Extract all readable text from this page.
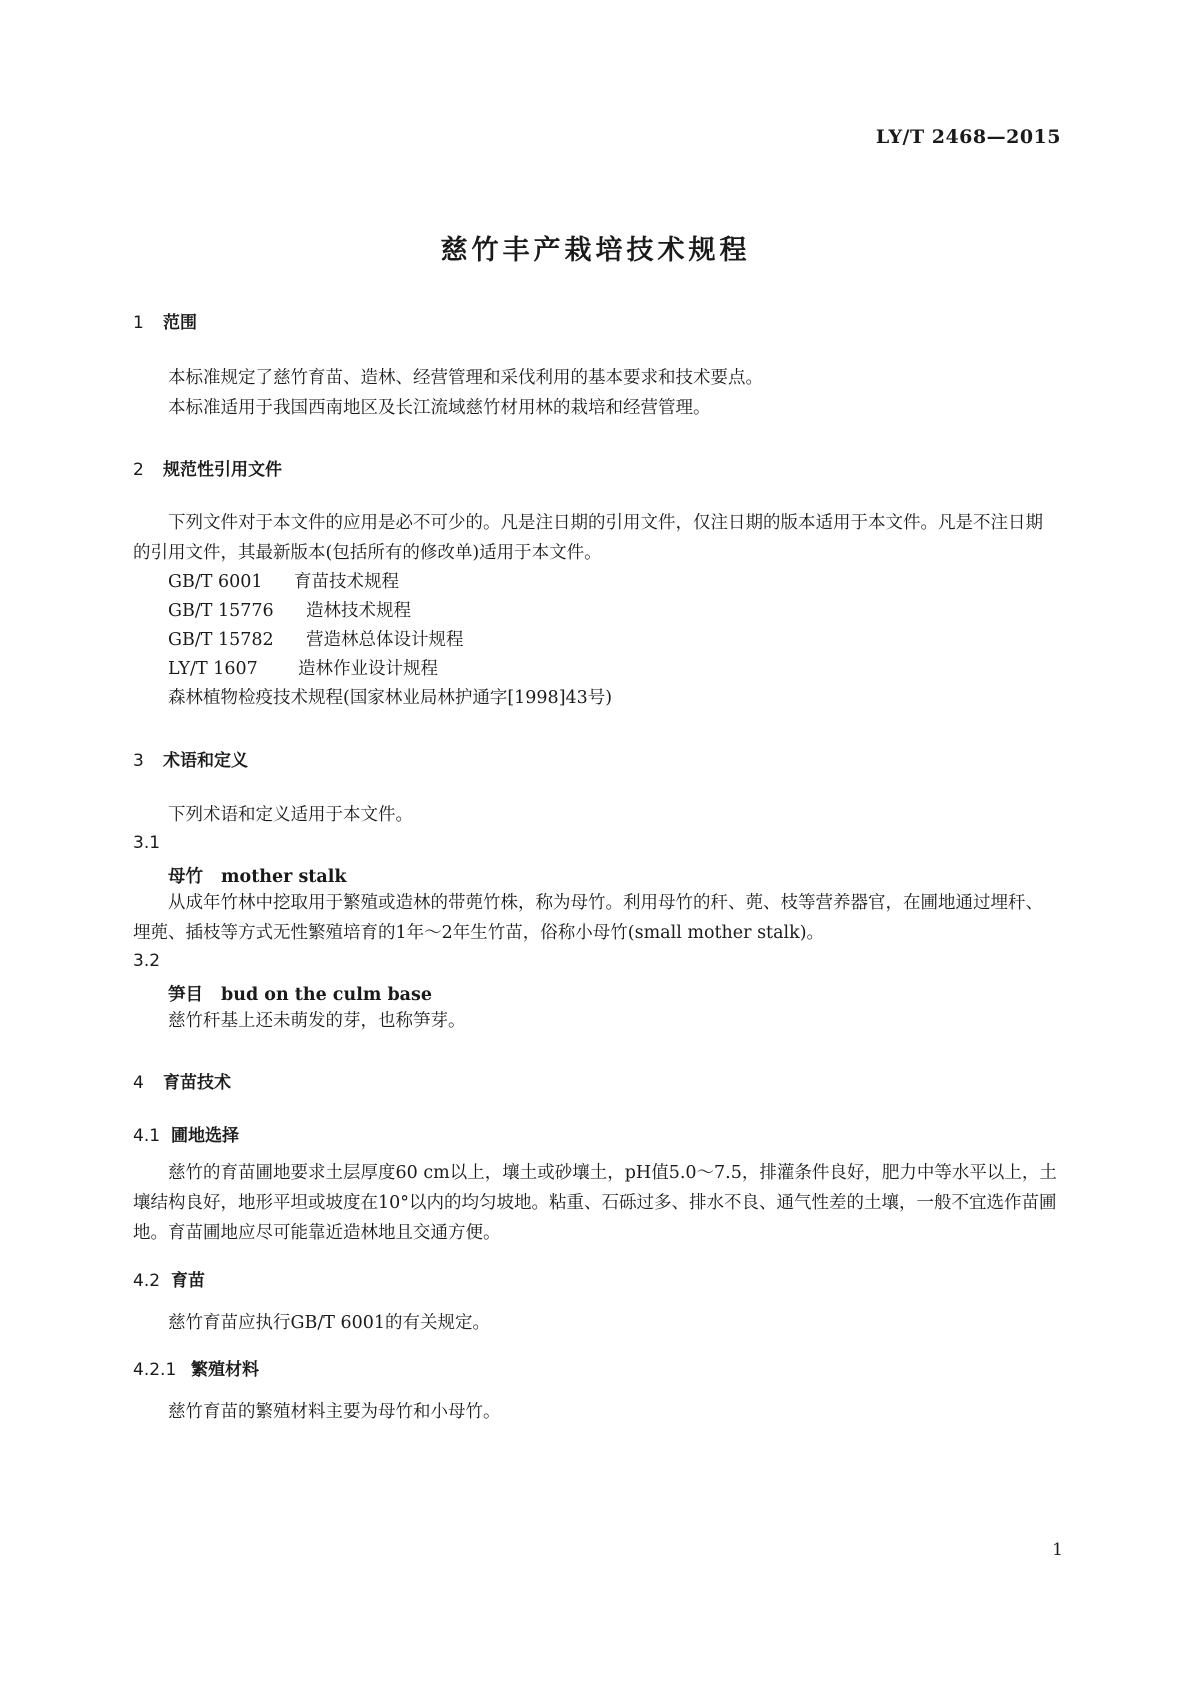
LY/T 2468—2015
慈竹丰产栽培技术规程
1 范围
本标准规定了慈竹育苗、造林、经营管理和采伐利用的基本要求和技术要点。
本标准适用于我国西南地区及长江流域慈竹材用林的栽培和经营管理。
2 规范性引用文件
下列文件对于本文件的应用是必不可少的。凡是注日期的引用文件，仅注日期的版本适用于本文件。凡是不注日期的引用文件，其最新版本(包括所有的修改单)适用于本文件。
GB/T 6001 育苗技术规程
GB/T 15776 造林技术规程
GB/T 15782 营造林总体设计规程
LY/T 1607 造林作业设计规程
森林植物检疫技术规程(国家林业局林护通字[1998]43号)
3 术语和定义
下列术语和定义适用于本文件。
3.1
母竹 mother stalk
从成年竹林中挖取用于繁殖或造林的带蔸竹株，称为母竹。利用母竹的秆、蔸、枝等营养器官，在圃地通过埋秆、埋蔸、插枝等方式无性繁殖培育的1年～2年生竹苗，俗称小母竹(small mother stalk)。
3.2
笋目 bud on the culm base
慈竹秆基上还未萌发的芽，也称笋芽。
4 育苗技术
4.1 圃地选择
慈竹的育苗圃地要求土层厚度60 cm以上，壤土或砂壤土，pH值5.0～7.5，排灌条件良好，肥力中等水平以上，土壤结构良好，地形平坦或坡度在10°以内的均匀坡地。粘重、石砾过多、排水不良、通气性差的土壤，一般不宜选作苗圃地。育苗圃地应尽可能靠近造林地且交通方便。
4.2 育苗
慈竹育苗应执行GB/T 6001的有关规定。
4.2.1 繁殖材料
慈竹育苗的繁殖材料主要为母竹和小母竹。
1
